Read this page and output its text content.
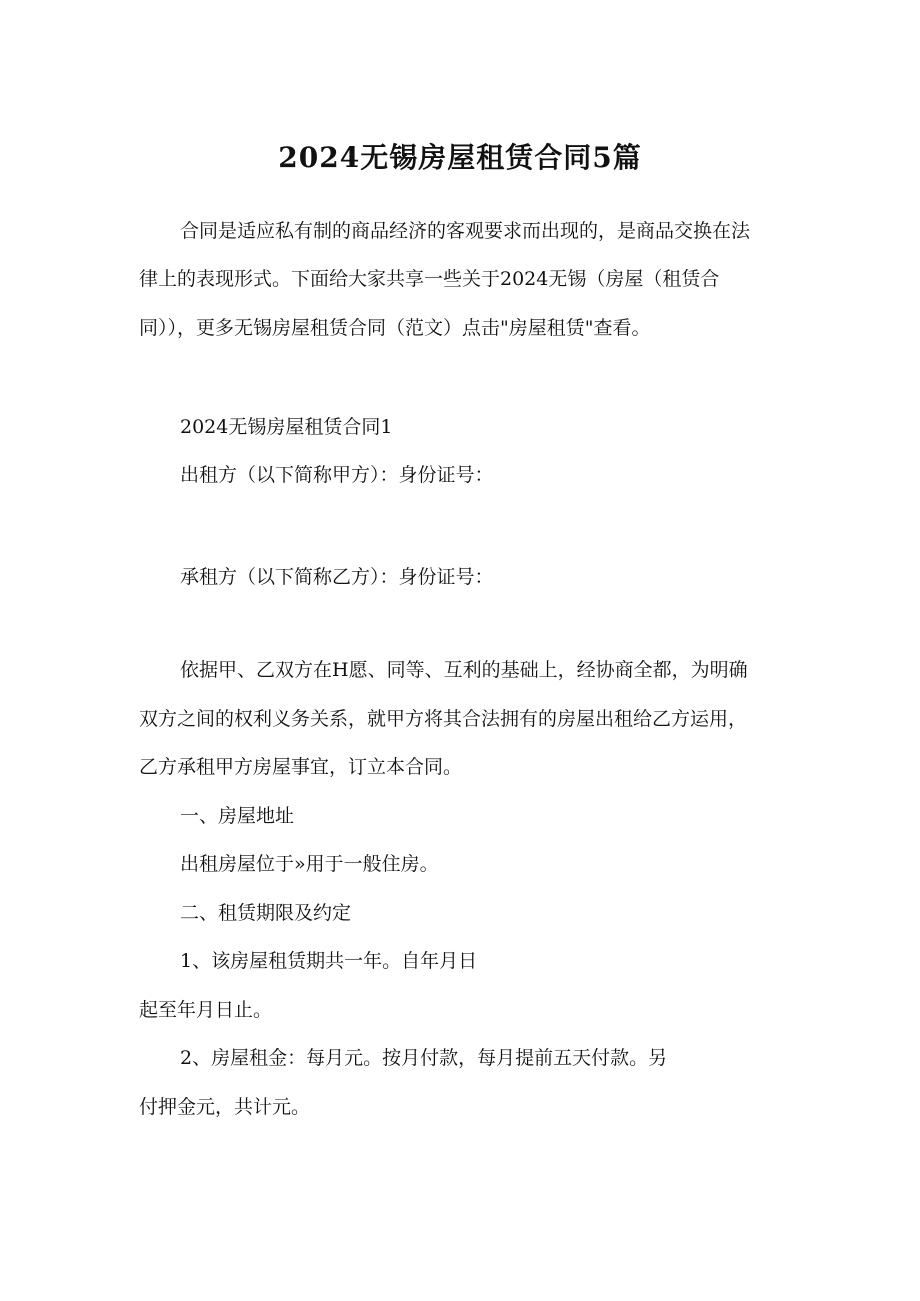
2024无锡房屋租赁合同5篇
合同是适应私有制的商品经济的客观要求而出现的，是商品交换在法
律上的表现形式。下面给大家共享一些关于2024无锡（房屋（租赁合
同）），更多无锡房屋租赁合同（范文）点击"房屋租赁"查看。
2024无锡房屋租赁合同1
出租方（以下简称甲方）：身份证号：
承租方（以下简称乙方）：身份证号：
依据甲、乙双方在H愿、同等、互利的基础上，经协商全都，为明确
双方之间的权利义务关系，就甲方将其合法拥有的房屋出租给乙方运用，
乙方承租甲方房屋事宜，订立本合同。
一、房屋地址
出租房屋位于»用于一般住房。
二、租赁期限及约定
1、该房屋租赁期共一年。自年月日
起至年月日止。
2、房屋租金：每月元。按月付款，每月提前五天付款。另
付押金元，共计元。
